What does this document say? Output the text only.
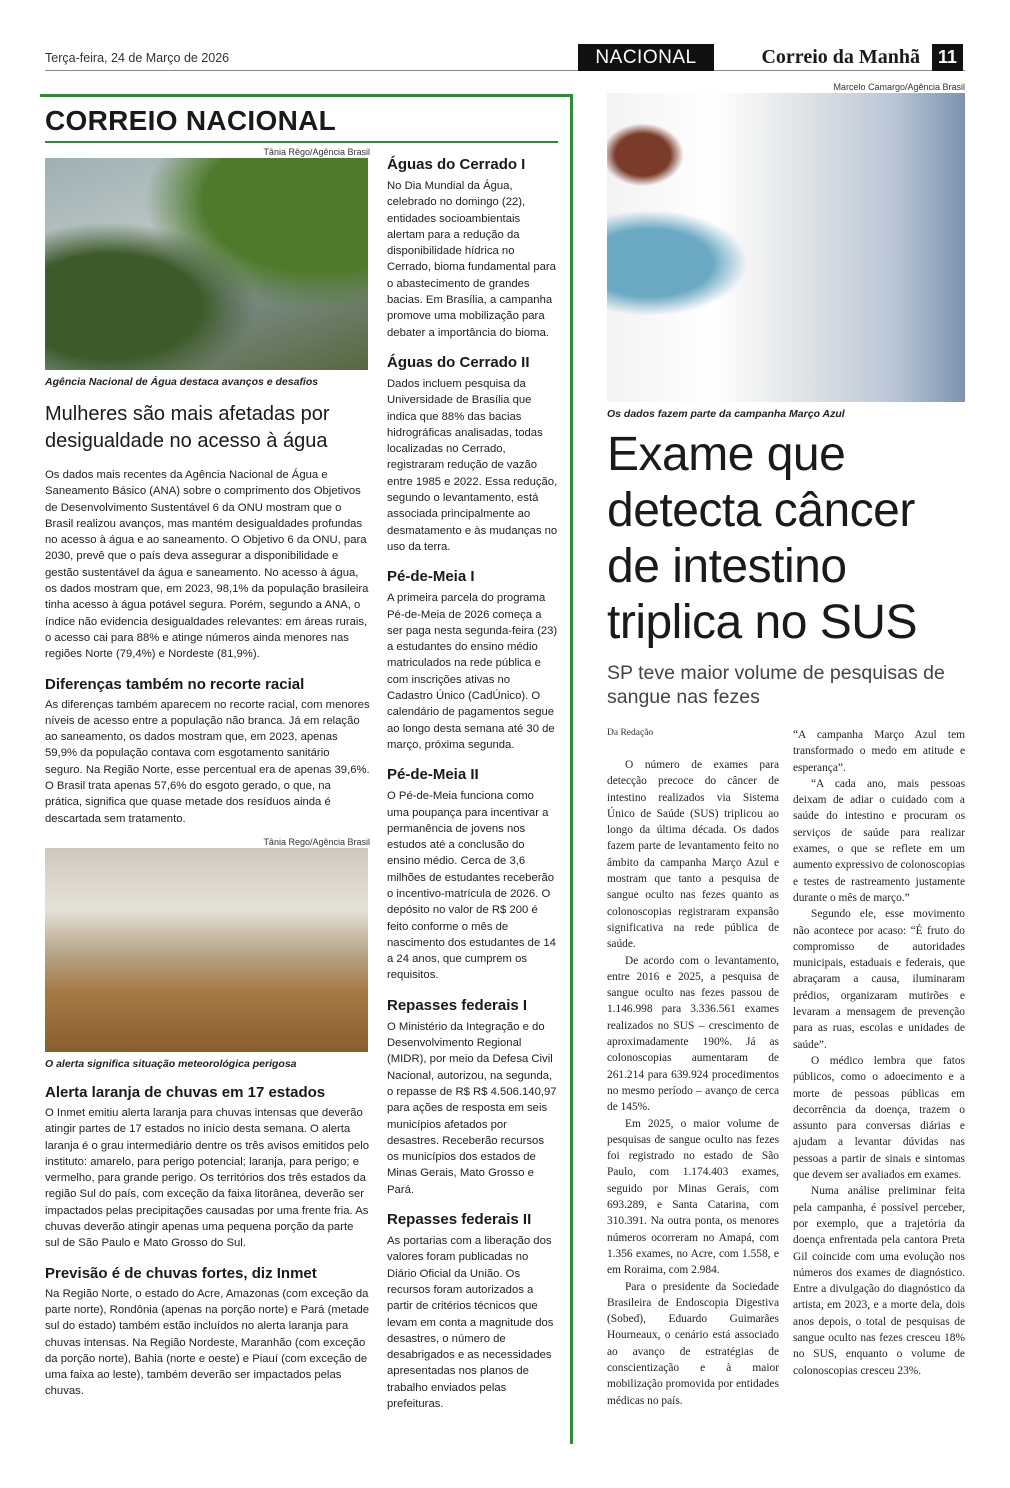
Terça-feira, 24 de Março de 2026	NACIONAL	Correio da Manhã 11
CORREIO NACIONAL
Tânia Rêgo/Agência Brasil
Agência Nacional de Água destaca avanços e desafios
Mulheres são mais afetadas por desigualdade no acesso à água
Os dados mais recentes da Agência Nacional de Água e Saneamento Básico (ANA) sobre o comprimento dos Objetivos de Desenvolvimento Sustentável 6 da ONU mostram que o Brasil realizou avanços, mas mantém desigualdades profundas no acesso à água e ao saneamento. O Objetivo 6 da ONU, para 2030, prevê que o país deva assegurar a disponibilidade e gestão sustentável da água e saneamento. No acesso à água, os dados mostram que, em 2023, 98,1% da população brasileira tinha acesso à água potável segura. Porém, segundo a ANA, o índice não evidencia desigualdades relevantes: em áreas rurais, o acesso cai para 88% e atinge números ainda menores nas regiões Norte (79,4%) e Nordeste (81,9%).
Diferenças também no recorte racial
As diferenças também aparecem no recorte racial, com menores níveis de acesso entre a população não branca. Já em relação ao saneamento, os dados mostram que, em 2023, apenas 59,9% da população contava com esgotamento sanitário seguro. Na Região Norte, esse percentual era de apenas 39,6%. O Brasil trata apenas 57,6% do esgoto gerado, o que, na prática, significa que quase metade dos resíduos ainda é descartada sem tratamento.
Tânia Rego/Agência Brasil
O alerta significa situação meteorológica perigosa
Alerta laranja de chuvas em 17 estados
O Inmet emitiu alerta laranja para chuvas intensas que deverão atingir partes de 17 estados no início desta semana. O alerta laranja é o grau intermediário dentre os três avisos emitidos pelo instituto: amarelo, para perigo potencial; laranja, para perigo; e vermelho, para grande perigo. Os territórios dos três estados da região Sul do país, com exceção da faixa litorânea, deverão ser impactados pelas precipitações causadas por uma frente fria. As chuvas deverão atingir apenas uma pequena porção da parte sul de São Paulo e Mato Grosso do Sul.
Previsão é de chuvas fortes, diz Inmet
Na Região Norte, o estado do Acre, Amazonas (com exceção da parte norte), Rondônia (apenas na porção norte) e Pará (metade sul do estado) também estão incluídos no alerta laranja para chuvas intensas. Na Região Nordeste, Maranhão (com exceção da porção norte), Bahia (norte e oeste) e Piauí (com exceção de uma faixa ao leste), também deverão ser impactados pelas chuvas.
Águas do Cerrado I
No Dia Mundial da Água, celebrado no domingo (22), entidades socioambientais alertam para a redução da disponibilidade hídrica no Cerrado, bioma fundamental para o abastecimento de grandes bacias. Em Brasília, a campanha promove uma mobilização para debater a importância do bioma.
Águas do Cerrado II
Dados incluem pesquisa da Universidade de Brasília que indica que 88% das bacias hidrográficas analisadas, todas localizadas no Cerrado, registraram redução de vazão entre 1985 e 2022. Essa redução, segundo o levantamento, está associada principalmente ao desmatamento e às mudanças no uso da terra.
Pé-de-Meia I
A primeira parcela do programa Pé-de-Meia de 2026 começa a ser paga nesta segunda-feira (23) a estudantes do ensino médio matriculados na rede pública e com inscrições ativas no Cadastro Único (CadÚnico). O calendário de pagamentos segue ao longo desta semana até 30 de março, próxima segunda.
Pé-de-Meia II
O Pé-de-Meia funciona como uma poupança para incentivar a permanência de jovens nos estudos até a conclusão do ensino médio. Cerca de 3,6 milhões de estudantes receberão o incentivo-matrícula de 2026. O depósito no valor de R$ 200 é feito conforme o mês de nascimento dos estudantes de 14 a 24 anos, que cumprem os requisitos.
Repasses federais I
O Ministério da Integração e do Desenvolvimento Regional (MIDR), por meio da Defesa Civil Nacional, autorizou, na segunda, o repasse de R$ R$ 4.506.140,97 para ações de resposta em seis municípios afetados por desastres. Receberão recursos os municípios dos estados de Minas Gerais, Mato Grosso e Pará.
Repasses federais II
As portarias com a liberação dos valores foram publicadas no Diário Oficial da União. Os recursos foram autorizados a partir de critérios técnicos que levam em conta a magnitude dos desastres, o número de desabrigados e as necessidades apresentadas nos planos de trabalho enviados pelas prefeituras.
Marcelo Camargo/Agência Brasil
Os dados fazem parte da campanha Março Azul
Exame que detecta câncer de intestino triplica no SUS
SP teve maior volume de pesquisas de sangue nas fezes
Da Redação

O número de exames para detecção precoce do câncer de intestino realizados via Sistema Único de Saúde (SUS) triplicou ao longo da última década. Os dados fazem parte de levantamento feito no âmbito da campanha Março Azul e mostram que tanto a pesquisa de sangue oculto nas fezes quanto as colonoscopias registraram expansão significativa na rede pública de saúde.

De acordo com o levantamento, entre 2016 e 2025, a pesquisa de sangue oculto nas fezes passou de 1.146.998 para 3.336.561 exames realizados no SUS – crescimento de aproximadamente 190%. Já as colonoscopias aumentaram de 261.214 para 639.924 procedimentos no mesmo período – avanço de cerca de 145%.

Em 2025, o maior volume de pesquisas de sangue oculto nas fezes foi registrado no estado de São Paulo, com 1.174.403 exames, seguido por Minas Gerais, com 693.289, e Santa Catarina, com 310.391. Na outra ponta, os menores números ocorreram no Amapá, com 1.356 exames, no Acre, com 1.558, e em Roraima, com 2.984.

Para o presidente da Sociedade Brasileira de Endoscopia Digestiva (Sobed), Eduardo Guimarães Hourneaux, o cenário está associado ao avanço de estratégias de conscientização e à maior mobilização promovida por entidades médicas no país.

“A campanha Março Azul tem transformado o medo em atitude e esperança”.

“A cada ano, mais pessoas deixam de adiar o cuidado com a saúde do intestino e procuram os serviços de saúde para realizar exames, o que se reflete em um aumento expressivo de colonoscopias e testes de rastreamento justamente durante o mês de março.”

Segundo ele, esse movimento não acontece por acaso: “É fruto do compromisso de autoridades municipais, estaduais e federais, que abraçaram a causa, iluminaram prédios, organizaram mutirões e levaram a mensagem de prevenção para as ruas, escolas e unidades de saúde”.

O médico lembra que fatos públicos, como o adoecimento e a morte de pessoas públicas em decorrência da doença, trazem o assunto para conversas diárias e ajudam a levantar dúvidas nas pessoas a partir de sinais e sintomas que devem ser avaliados em exames.

Numa análise preliminar feita pela campanha, é possível perceber, por exemplo, que a trajetória da doença enfrentada pela cantora Preta Gil coincide com uma evolução nos números dos exames de diagnóstico. Entre a divulgação do diagnóstico da artista, em 2023, e a morte dela, dois anos depois, o total de pesquisas de sangue oculto nas fezes cresceu 18% no SUS, enquanto o volume de colonoscopias cresceu 23%.
